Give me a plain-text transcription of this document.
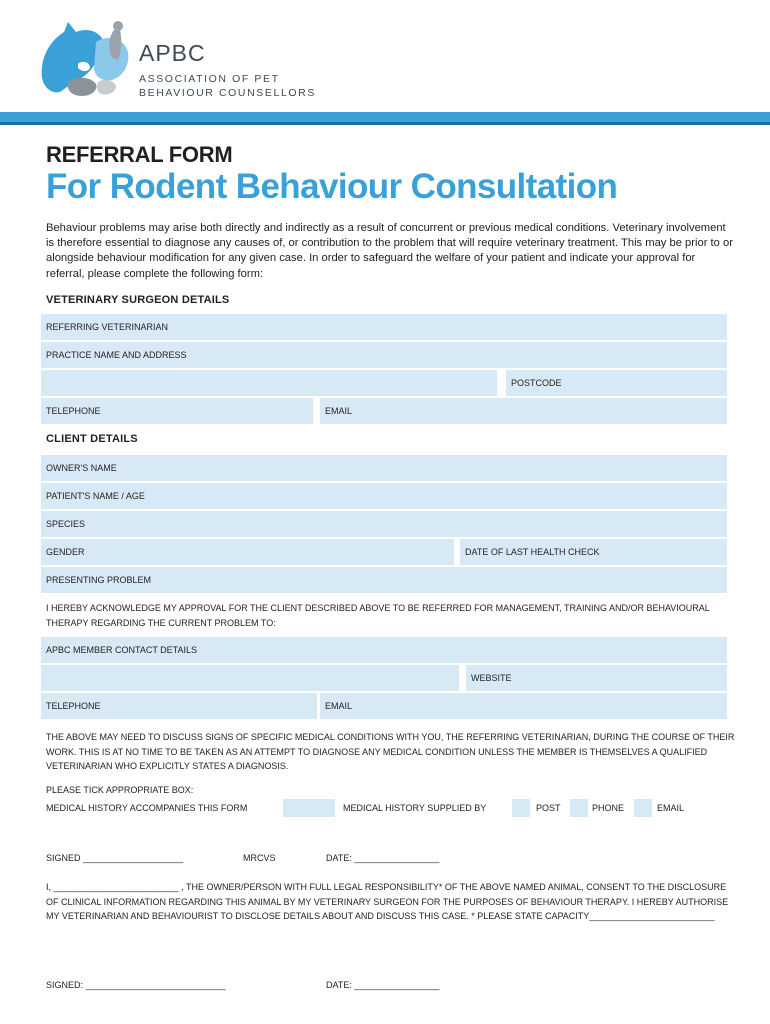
APBC
ASSOCIATION OF PET
BEHAVIOUR COUNSELLORS
REFERRAL FORM
For Rodent Behaviour Consultation
Behaviour problems may arise both directly and indirectly as a result of concurrent or previous medical conditions. Veterinary involvement is therefore essential to diagnose any causes of, or contribution to the problem that will require veterinary treatment. This may be prior to or alongside behaviour modification for any given case. In order to safeguard the welfare of your patient and indicate your approval for referral, please complete the following form:
VETERINARY SURGEON DETAILS
REFERRING VETERINARIAN
PRACTICE NAME AND ADDRESS
POSTCODE
TELEPHONE	EMAIL
CLIENT DETAILS
OWNER'S NAME
PATIENT'S NAME / AGE
SPECIES
GENDER	DATE OF LAST HEALTH CHECK
PRESENTING PROBLEM
I HEREBY ACKNOWLEDGE MY APPROVAL FOR THE CLIENT DESCRIBED ABOVE TO BE REFERRED FOR MANAGEMENT, TRAINING AND/OR BEHAVIOURAL THERAPY REGARDING THE CURRENT PROBLEM TO:
APBC MEMBER CONTACT DETAILS
WEBSITE
TELEPHONE	EMAIL
THE ABOVE MAY NEED TO DISCUSS SIGNS OF SPECIFIC MEDICAL CONDITIONS WITH YOU, THE REFERRING VETERINARIAN, DURING THE COURSE OF THEIR WORK. THIS IS AT NO TIME TO BE TAKEN AS AN ATTEMPT TO DIAGNOSE ANY MEDICAL CONDITION UNLESS THE MEMBER IS THEMSELVES A QUALIFIED VETERINARIAN WHO EXPLICITLY STATES A DIAGNOSIS.
PLEASE TICK APPROPRIATE BOX:
MEDICAL HISTORY ACCOMPANIES THIS FORM	MEDICAL HISTORY SUPPLIED BY	POST	PHONE	EMAIL
SIGNED ____________________	MRCVS	DATE: _________________
I, _________________________ , THE OWNER/PERSON WITH FULL LEGAL RESPONSIBILITY* OF THE ABOVE NAMED ANIMAL, CONSENT TO THE DISCLOSURE OF CLINICAL INFORMATION REGARDING THIS ANIMAL BY MY VETERINARY SURGEON FOR THE PURPOSES OF BEHAVIOUR THERAPY. I HEREBY AUTHORISE MY VETERINARIAN AND BEHAVIOURIST TO DISCLOSE DETAILS ABOUT AND DISCUSS THIS CASE. * PLEASE STATE CAPACITY_________________________
SIGNED: ____________________________	DATE: _________________
